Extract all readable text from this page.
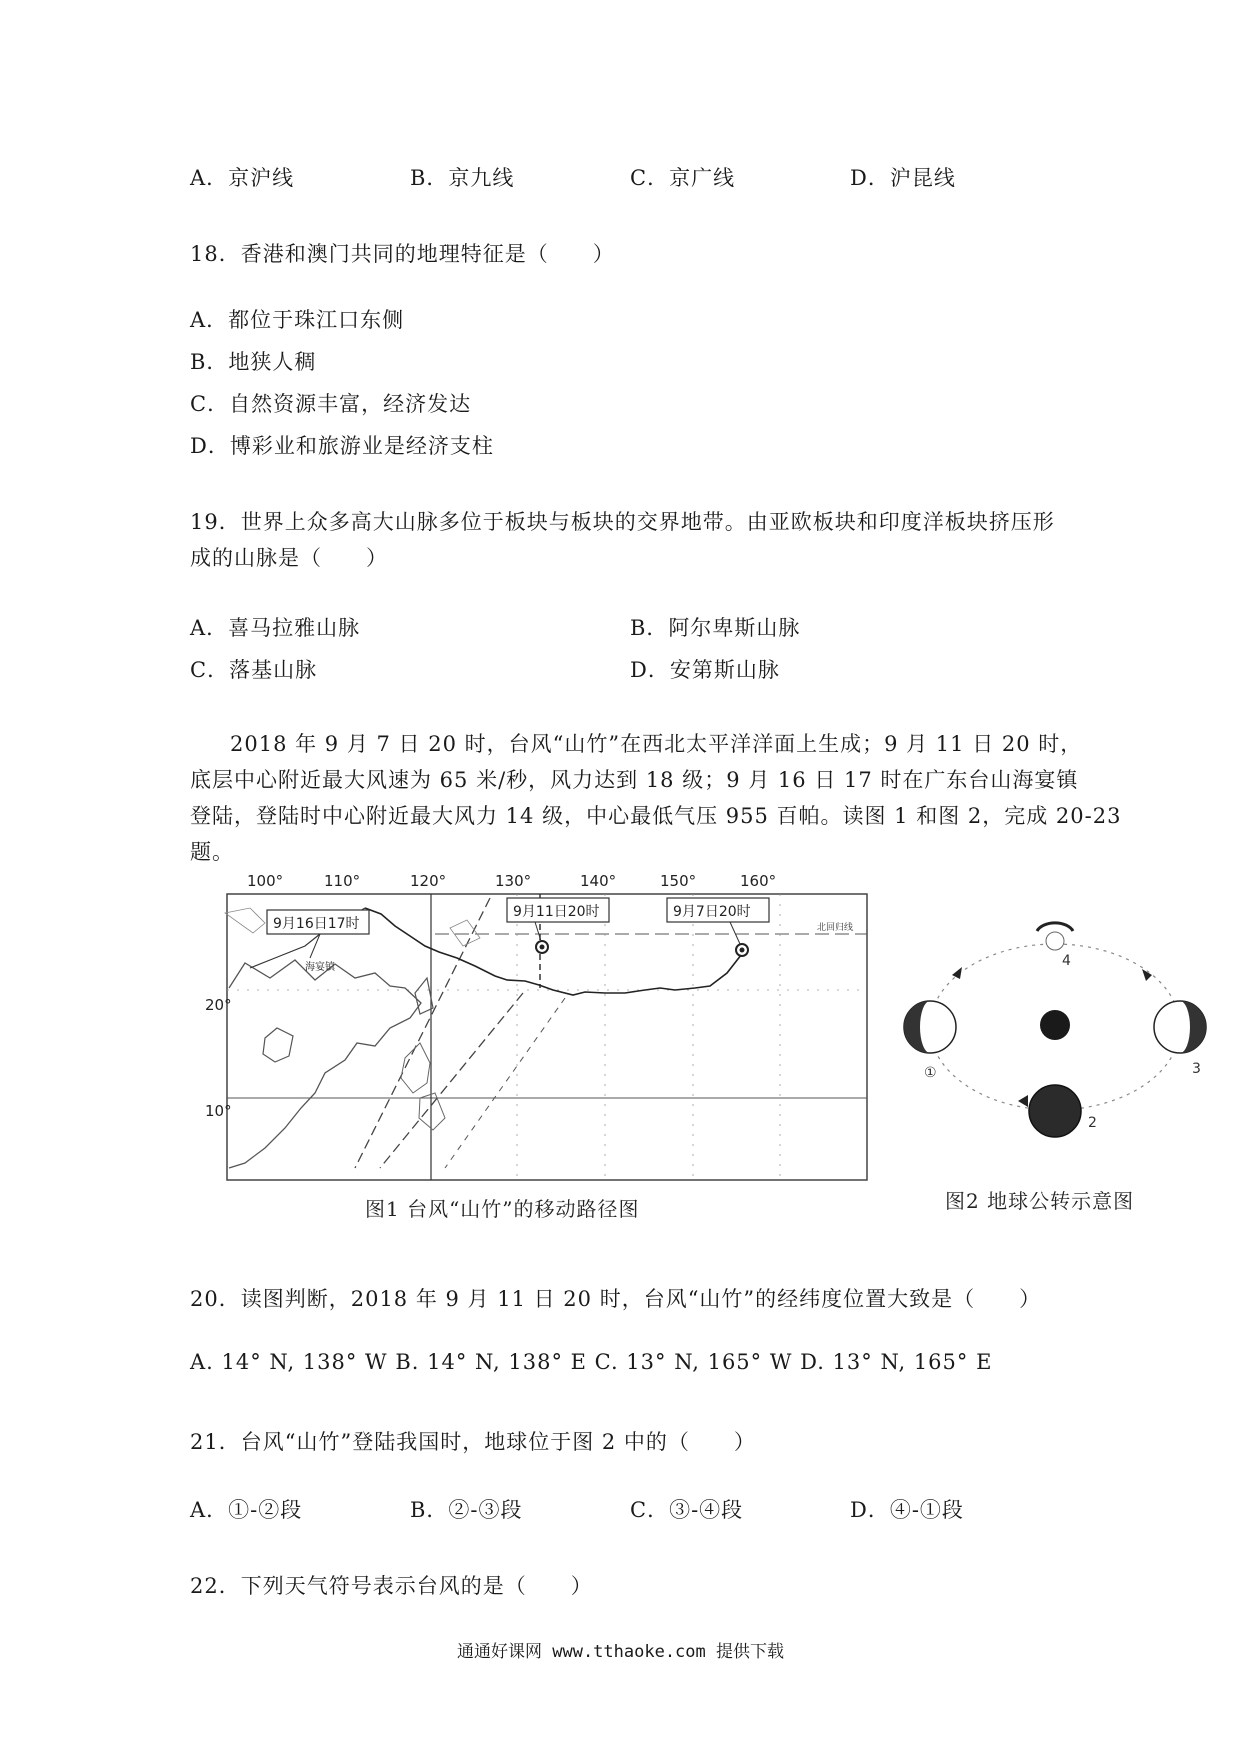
A．京沪线	B．京九线	C．京广线	D．沪昆线
18．香港和澳门共同的地理特征是（　　）
A．都位于珠江口东侧
B．地狭人稠
C．自然资源丰富，经济发达
D．博彩业和旅游业是经济支柱
19．世界上众多高大山脉多位于板块与板块的交界地带。由亚欧板块和印度洋板块挤压形
成的山脉是（　　）
A．喜马拉雅山脉	B．阿尔卑斯山脉
C．落基山脉	D．安第斯山脉
2018 年 9 月 7 日 20 时，台风“山竹”在西北太平洋洋面上生成；9 月 11 日 20 时，
底层中心附近最大风速为 65 米/秒，风力达到 18 级；9 月 16 日 17 时在广东台山海宴镇
登陆，登陆时中心附近最大风力 14 级，中心最低气压 955 百帕。读图 1 和图 2，完成 20-23
题。
100°	110°	120°	130°	140°	150°	160°
20°
10°
北回归线
9月16日17时
海宴镇
9月11日20时	9月7日20时
图1 台风“山竹”的移动路径图
4
①	3
2
图2 地球公转示意图
20．读图判断，2018 年 9 月 11 日 20 时，台风“山竹”的经纬度位置大致是（　　）
A. 14° N, 138° W B. 14° N, 138° E C. 13° N, 165° W D. 13° N, 165° E
21．台风“山竹”登陆我国时，地球位于图 2 中的（　　）
A．①-②段	B．②-③段	C．③-④段	D．④-①段
22．下列天气符号表示台风的是（　　）
通通好课网 www.tthaoke.com 提供下载
